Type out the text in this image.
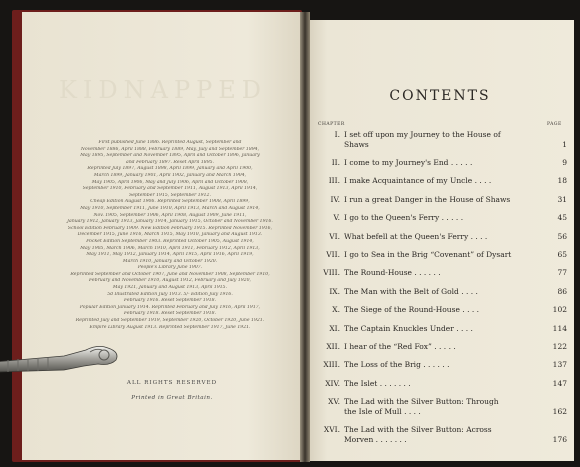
KIDNAPPED
First published June 1886. Reprinted August, September and
November 1886, April 1888, February 1889, May, July and September 1894,
May 1895, September and November 1895, April and October 1896, January
and February 1897. Reset April 1895.
Reprinted July 1897, August 1898, April 1899, January and April 1900,
March 1899, January 1901, April 1902, January and March 1904,
May 1905, April 1906, May and July 1906, April and October 1908,
September 1910, February and September 1911, August 1913, April 1914,
September 1915, September 1912.
Cheap Edition August 1906. Reprinted September 1908, April 1899,
May 1910, September 1911, June 1910, April 1913, March and August 1914,
Nov. 1905, September 1906, April 1908, August 1909, June 1911,
January 1912, January 1913, January 1914, January 1915, October and November 1916.
School Edition February 1909. New Edition February 1915. Reprinted November 1916,
December 1915, June 1916, March 1915, May 1910, January and August 1913.
Pocket Edition September 1903. Reprinted October 1905, August 1914,
May 1905, March 1906, March 1910, April 1911, February 1912, April 1913,
May 1911, May 1912, January 1914, April 1915, April 1916, April 1919,
March 1910, January and October 1920.
People's Library June 1907.
Reprinted September and October 1907, June and November 1908, September 1910,
February and November 1910, August 1912, February and July 1920,
May 1921, January and August 1913, April 1915.
5d Illustrated Edition July 1913. 5/- Edition July 1916.
February 1916. Reset September 1918.
Popular Edition January 1914. Reprinted February and July 1916, April 1917,
February 1918. Reset September 1918.
Reprinted July and September 1919, September 1920, October 1920, June 1921.
Empire Library August 1913. Reprinted September 1917, June 1921.
ALL RIGHTS RESERVED
Printed in Great Britain.
CONTENTS
CHAPTER	PAGE
I. I set off upon my Journey to the House of
Shaws	1
II. I come to my Journey's End . . . . .	9
III. I make Acquaintance of my Uncle . . . .	18
IV. I run a great Danger in the House of Shaws	31
V. I go to the Queen's Ferry . . . . .	45
VI. What befell at the Queen's Ferry . . . .	56
VII. I go to Sea in the Brig “Covenant” of Dysart	65
VIII. The Round-House . . . . . .	77
IX. The Man with the Belt of Gold . . . .	86
X. The Siege of the Round-House . . . .	102
XI. The Captain Knuckles Under . . . .	114
XII. I hear of the “Red Fox” . . . . .	122
XIII. The Loss of the Brig . . . . . .	137
XIV. The Islet . . . . . . .	147
XV. The Lad with the Silver Button: Through
the Isle of Mull . . . .	162
XVI. The Lad with the Silver Button: Across
Morven . . . . . . .	176
